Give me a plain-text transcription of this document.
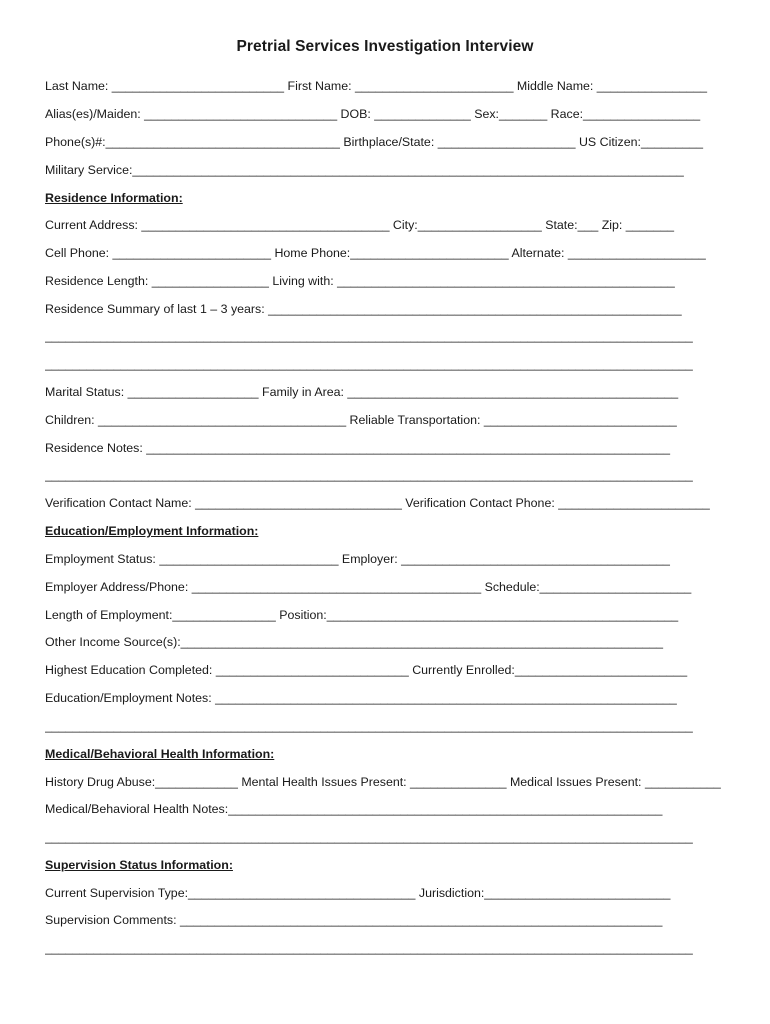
Pretrial Services Investigation Interview
Last Name: _________________________ First Name: _______________________ Middle Name: ________________
Alias(es)/Maiden: ____________________________ DOB: ______________ Sex:_______ Race:_________________
Phone(s)#:__________________________________ Birthplace/State: ____________________ US Citizen:_________
Military Service:________________________________________________________________________________
Residence Information:
Current Address: ____________________________________ City:__________________ State:___ Zip: _______
Cell Phone: _______________________ Home Phone:_______________________ Alternate: ____________________
Residence Length: _________________ Living with: _________________________________________________
Residence Summary of last 1 – 3 years: ____________________________________________________________
______________________________________________________________________________________________
______________________________________________________________________________________________
Marital Status: ___________________ Family in Area: ________________________________________________
Children: ____________________________________ Reliable Transportation: ____________________________
Residence Notes: ____________________________________________________________________________
______________________________________________________________________________________________
Verification Contact Name: ______________________________ Verification Contact Phone: ______________________
Education/Employment Information:
Employment Status: __________________________ Employer: _______________________________________
Employer Address/Phone: __________________________________________ Schedule:______________________
Length of Employment:_______________ Position:___________________________________________________
Other Income Source(s):______________________________________________________________________
Highest Education Completed: ____________________________ Currently Enrolled:_________________________
Education/Employment Notes: ___________________________________________________________________
______________________________________________________________________________________________
Medical/Behavioral Health Information:
History Drug Abuse:____________ Mental Health Issues Present: ______________ Medical Issues Present: ___________
Medical/Behavioral Health Notes:_______________________________________________________________
______________________________________________________________________________________________
Supervision Status Information:
Current Supervision Type:_________________________________ Jurisdiction:___________________________
Supervision Comments: ______________________________________________________________________
______________________________________________________________________________________________
